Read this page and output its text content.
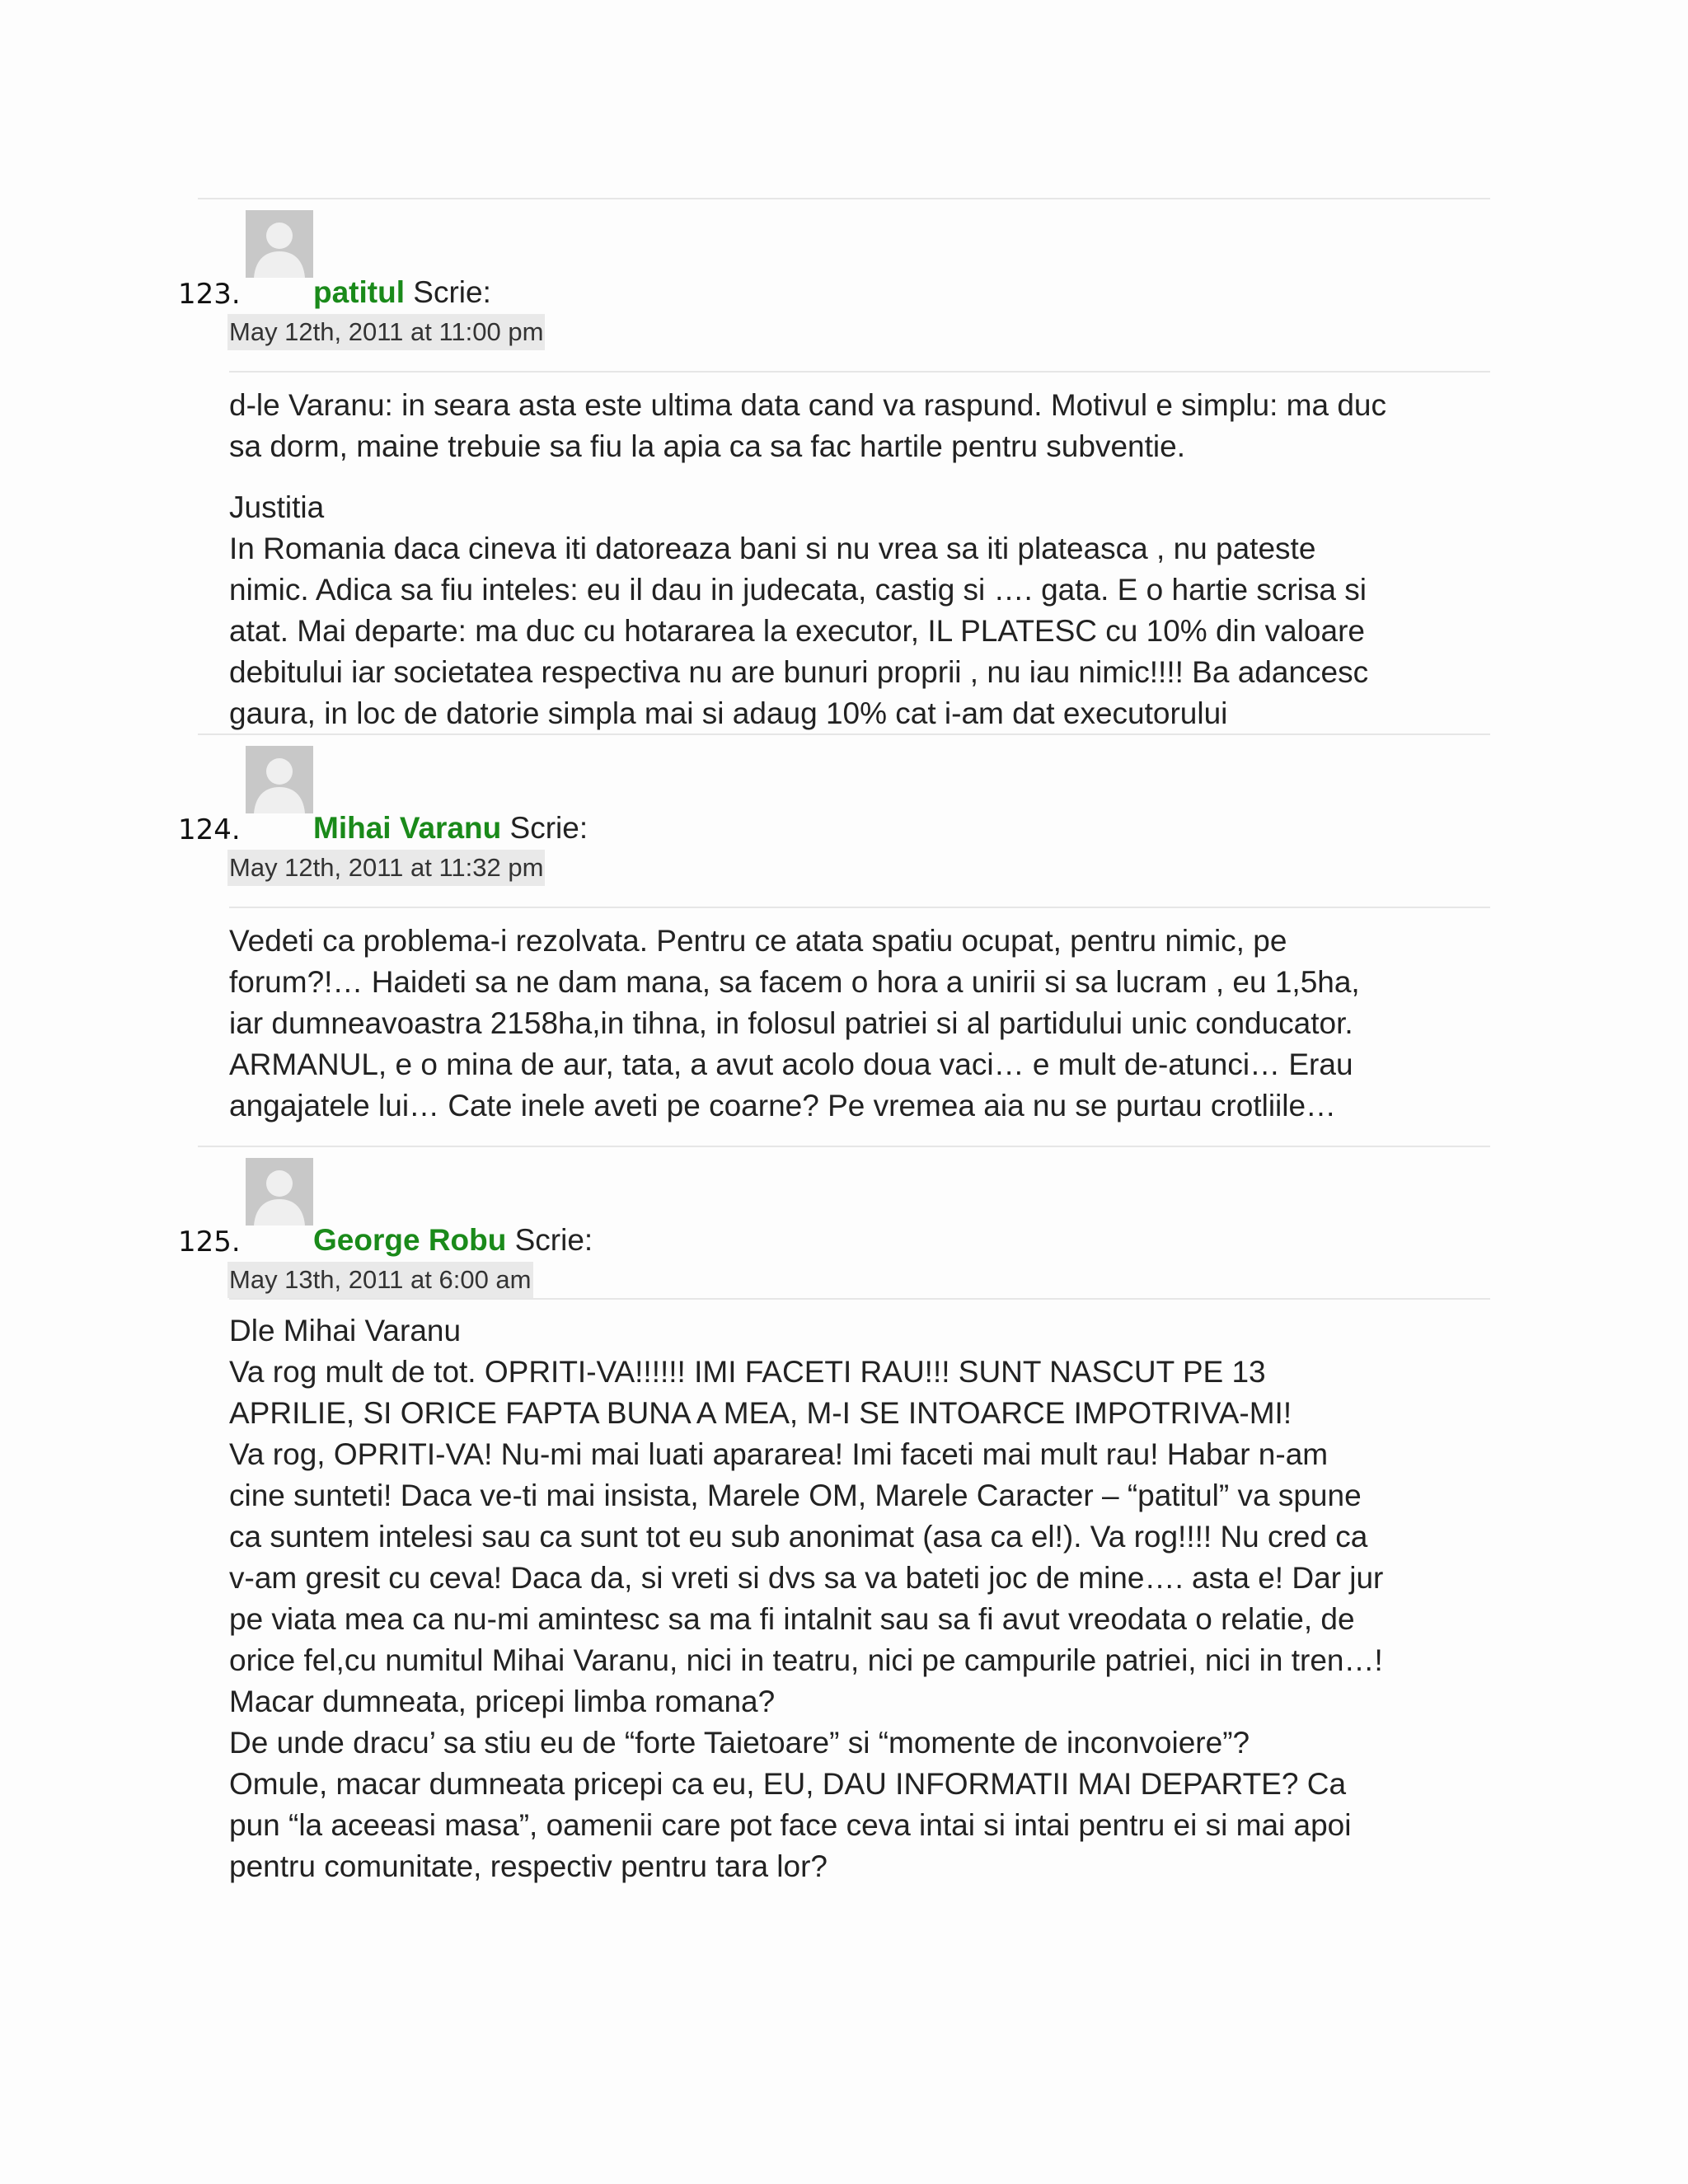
123. patitul Scrie:
May 12th, 2011 at 11:00 pm

d-le Varanu: in seara asta este ultima data cand va raspund. Motivul e simplu: ma duc
sa dorm, maine trebuie sa fiu la apia ca sa fac hartile pentru subventie.

Justitia
In Romania daca cineva iti datoreaza bani si nu vrea sa iti plateasca , nu pateste
nimic. Adica sa fiu inteles: eu il dau in judecata, castig si …. gata. E o hartie scrisa si
atat. Mai departe: ma duc cu hotararea la executor, IL PLATESC cu 10% din valoare
debitului iar societatea respectiva nu are bunuri proprii , nu iau nimic!!!! Ba adancesc
gaura, in loc de datorie simpla mai si adaug 10% cat i-am dat executorului

124. Mihai Varanu Scrie:
May 12th, 2011 at 11:32 pm

Vedeti ca problema-i rezolvata. Pentru ce atata spatiu ocupat, pentru nimic, pe
forum?!… Haideti sa ne dam mana, sa facem o hora a unirii si sa lucram , eu 1,5ha,
iar dumneavoastra 2158ha,in tihna, in folosul patriei si al partidului unic conducator.
ARMANUL, e o mina de aur, tata, a avut acolo doua vaci… e mult de-atunci… Erau
angajatele lui… Cate inele aveti pe coarne? Pe vremea aia nu se purtau crotliile…

125. George Robu Scrie:
May 13th, 2011 at 6:00 am

Dle Mihai Varanu
Va rog mult de tot. OPRITI-VA!!!!!! IMI FACETI RAU!!! SUNT NASCUT PE 13
APRILIE, SI ORICE FAPTA BUNA A MEA, M-I SE INTOARCE IMPOTRIVA-MI!
Va rog, OPRITI-VA! Nu-mi mai luati apararea! Imi faceti mai mult rau! Habar n-am
cine sunteti! Daca ve-ti mai insista, Marele OM, Marele Caracter – “patitul” va spune
ca suntem intelesi sau ca sunt tot eu sub anonimat (asa ca el!). Va rog!!!! Nu cred ca
v-am gresit cu ceva! Daca da, si vreti si dvs sa va bateti joc de mine…. asta e! Dar jur
pe viata mea ca nu-mi amintesc sa ma fi intalnit sau sa fi avut vreodata o relatie, de
orice fel,cu numitul Mihai Varanu, nici in teatru, nici pe campurile patriei, nici in tren…!
Macar dumneata, pricepi limba romana?
De unde dracu’ sa stiu eu de “forte Taietoare” si “momente de inconvoiere”?
Omule, macar dumneata pricepi ca eu, EU, DAU INFORMATII MAI DEPARTE? Ca
pun “la aceeasi masa”, oamenii care pot face ceva intai si intai pentru ei si mai apoi
pentru comunitate, respectiv pentru tara lor?
